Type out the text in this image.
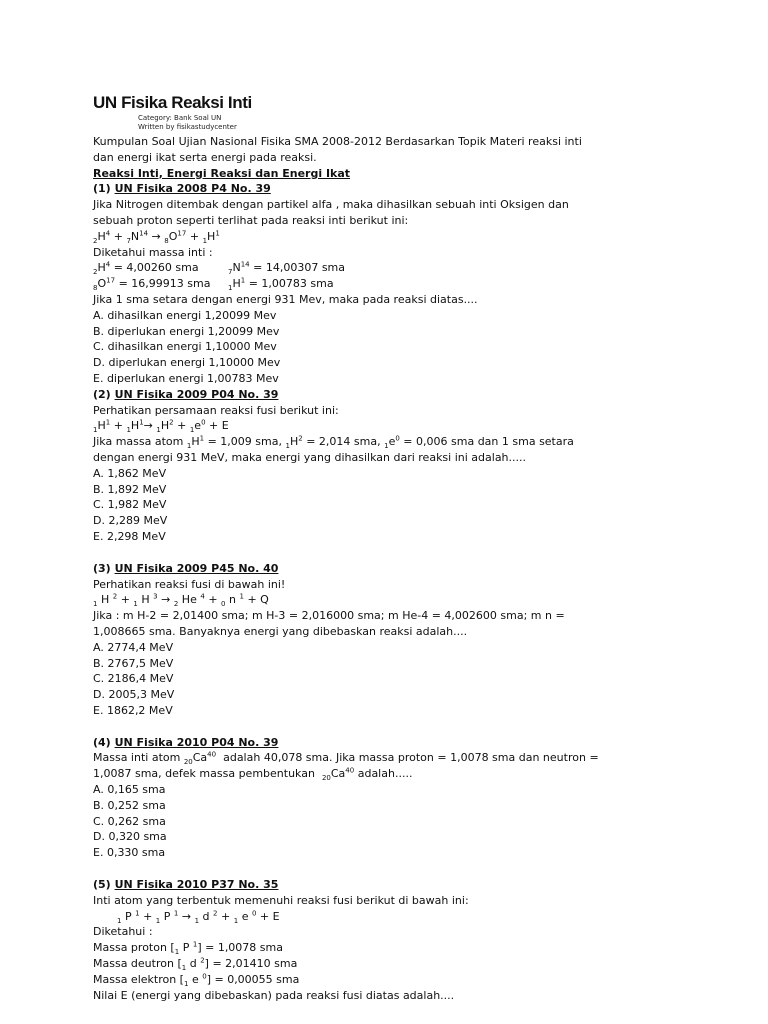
UN Fisika Reaksi Inti
Category: Bank Soal UN
Written by fisikastudycenter
Kumpulan Soal Ujian Nasional Fisika SMA 2008-2012 Berdasarkan Topik Materi reaksi inti
dan energi ikat serta energi pada reaksi.
Reaksi Inti, Energi Reaksi dan Energi Ikat
(1) UN Fisika 2008 P4 No. 39
Jika Nitrogen ditembak dengan partikel alfa , maka dihasilkan sebuah inti Oksigen dan
sebuah proton seperti terlihat pada reaksi inti berikut ini:
$_2H^4 + _7N^{14} \to _8O^{17} + _1H^1$
Diketahui massa inti :
$_2H^4 = 4,00260$ sma	$_7N^{14} = 14,00307$ sma
$_8O^{17} = 16,99913$ sma	$_1H^1 = 1,00783$ sma
Jika 1 sma setara dengan energi 931 Mev, maka pada reaksi diatas....
A. dihasilkan energi 1,20099 Mev
B. diperlukan energi 1,20099 Mev
C. dihasilkan energi 1,10000 Mev
D. diperlukan energi 1,10000 Mev
E. diperlukan energi 1,00783 Mev
(2) UN Fisika 2009 P04 No. 39
Perhatikan persamaan reaksi fusi berikut ini:
$_1H^1 + _1H^1\to _1H^2 + _1e^0 + E$
Jika massa atom $_1H^1 = 1,009$ sma, $_1H^2 = 2,014$ sma, $_1e^0 = 0,006$ sma dan 1 sma setara
dengan energi 931 MeV, maka energi yang dihasilkan dari reaksi ini adalah.....
A. 1,862 MeV
B. 1,892 MeV
C. 1,982 MeV
D. 2,289 MeV
E. 2,298 MeV
(3) UN Fisika 2009 P45 No. 40
Perhatikan reaksi fusi di bawah ini!
$_1$ H $^2$ + $_1$ H $^3$ → $_2$ He $^4$ + $_0$ n $^1$ + Q
Jika : m H-2 = 2,01400 sma; m H-3 = 2,016000 sma; m He-4 = 4,002600 sma; m n =
1,008665 sma. Banyaknya energi yang dibebaskan reaksi adalah....
A. 2774,4 MeV
B. 2767,5 MeV
C. 2186,4 MeV
D. 2005,3 MeV
E. 1862,2 MeV
(4) UN Fisika 2010 P04 No. 39
Massa inti atom $_{20}Ca^{40}$ adalah 40,078 sma. Jika massa proton = 1,0078 sma dan neutron =
1,0087 sma, defek massa pembentukan $_{20}Ca^{40}$ adalah.....
A. 0,165 sma
B. 0,252 sma
C. 0,262 sma
D. 0,320 sma
E. 0,330 sma
(5) UN Fisika 2010 P37 No. 35
Inti atom yang terbentuk memenuhi reaksi fusi berikut di bawah ini:
$_1$ P $^1$ + $_1$ P $^1$ → $_1$ d $^2$ + $_1$ e $^0$ + E
Diketahui :
Massa proton [$_1$ P $^1$] = 1,0078 sma
Massa deutron [$_1$ d $^2$] = 2,01410 sma
Massa elektron [$_1$ e $^0$] = 0,00055 sma
Nilai E (energi yang dibebaskan) pada reaksi fusi diatas adalah....
